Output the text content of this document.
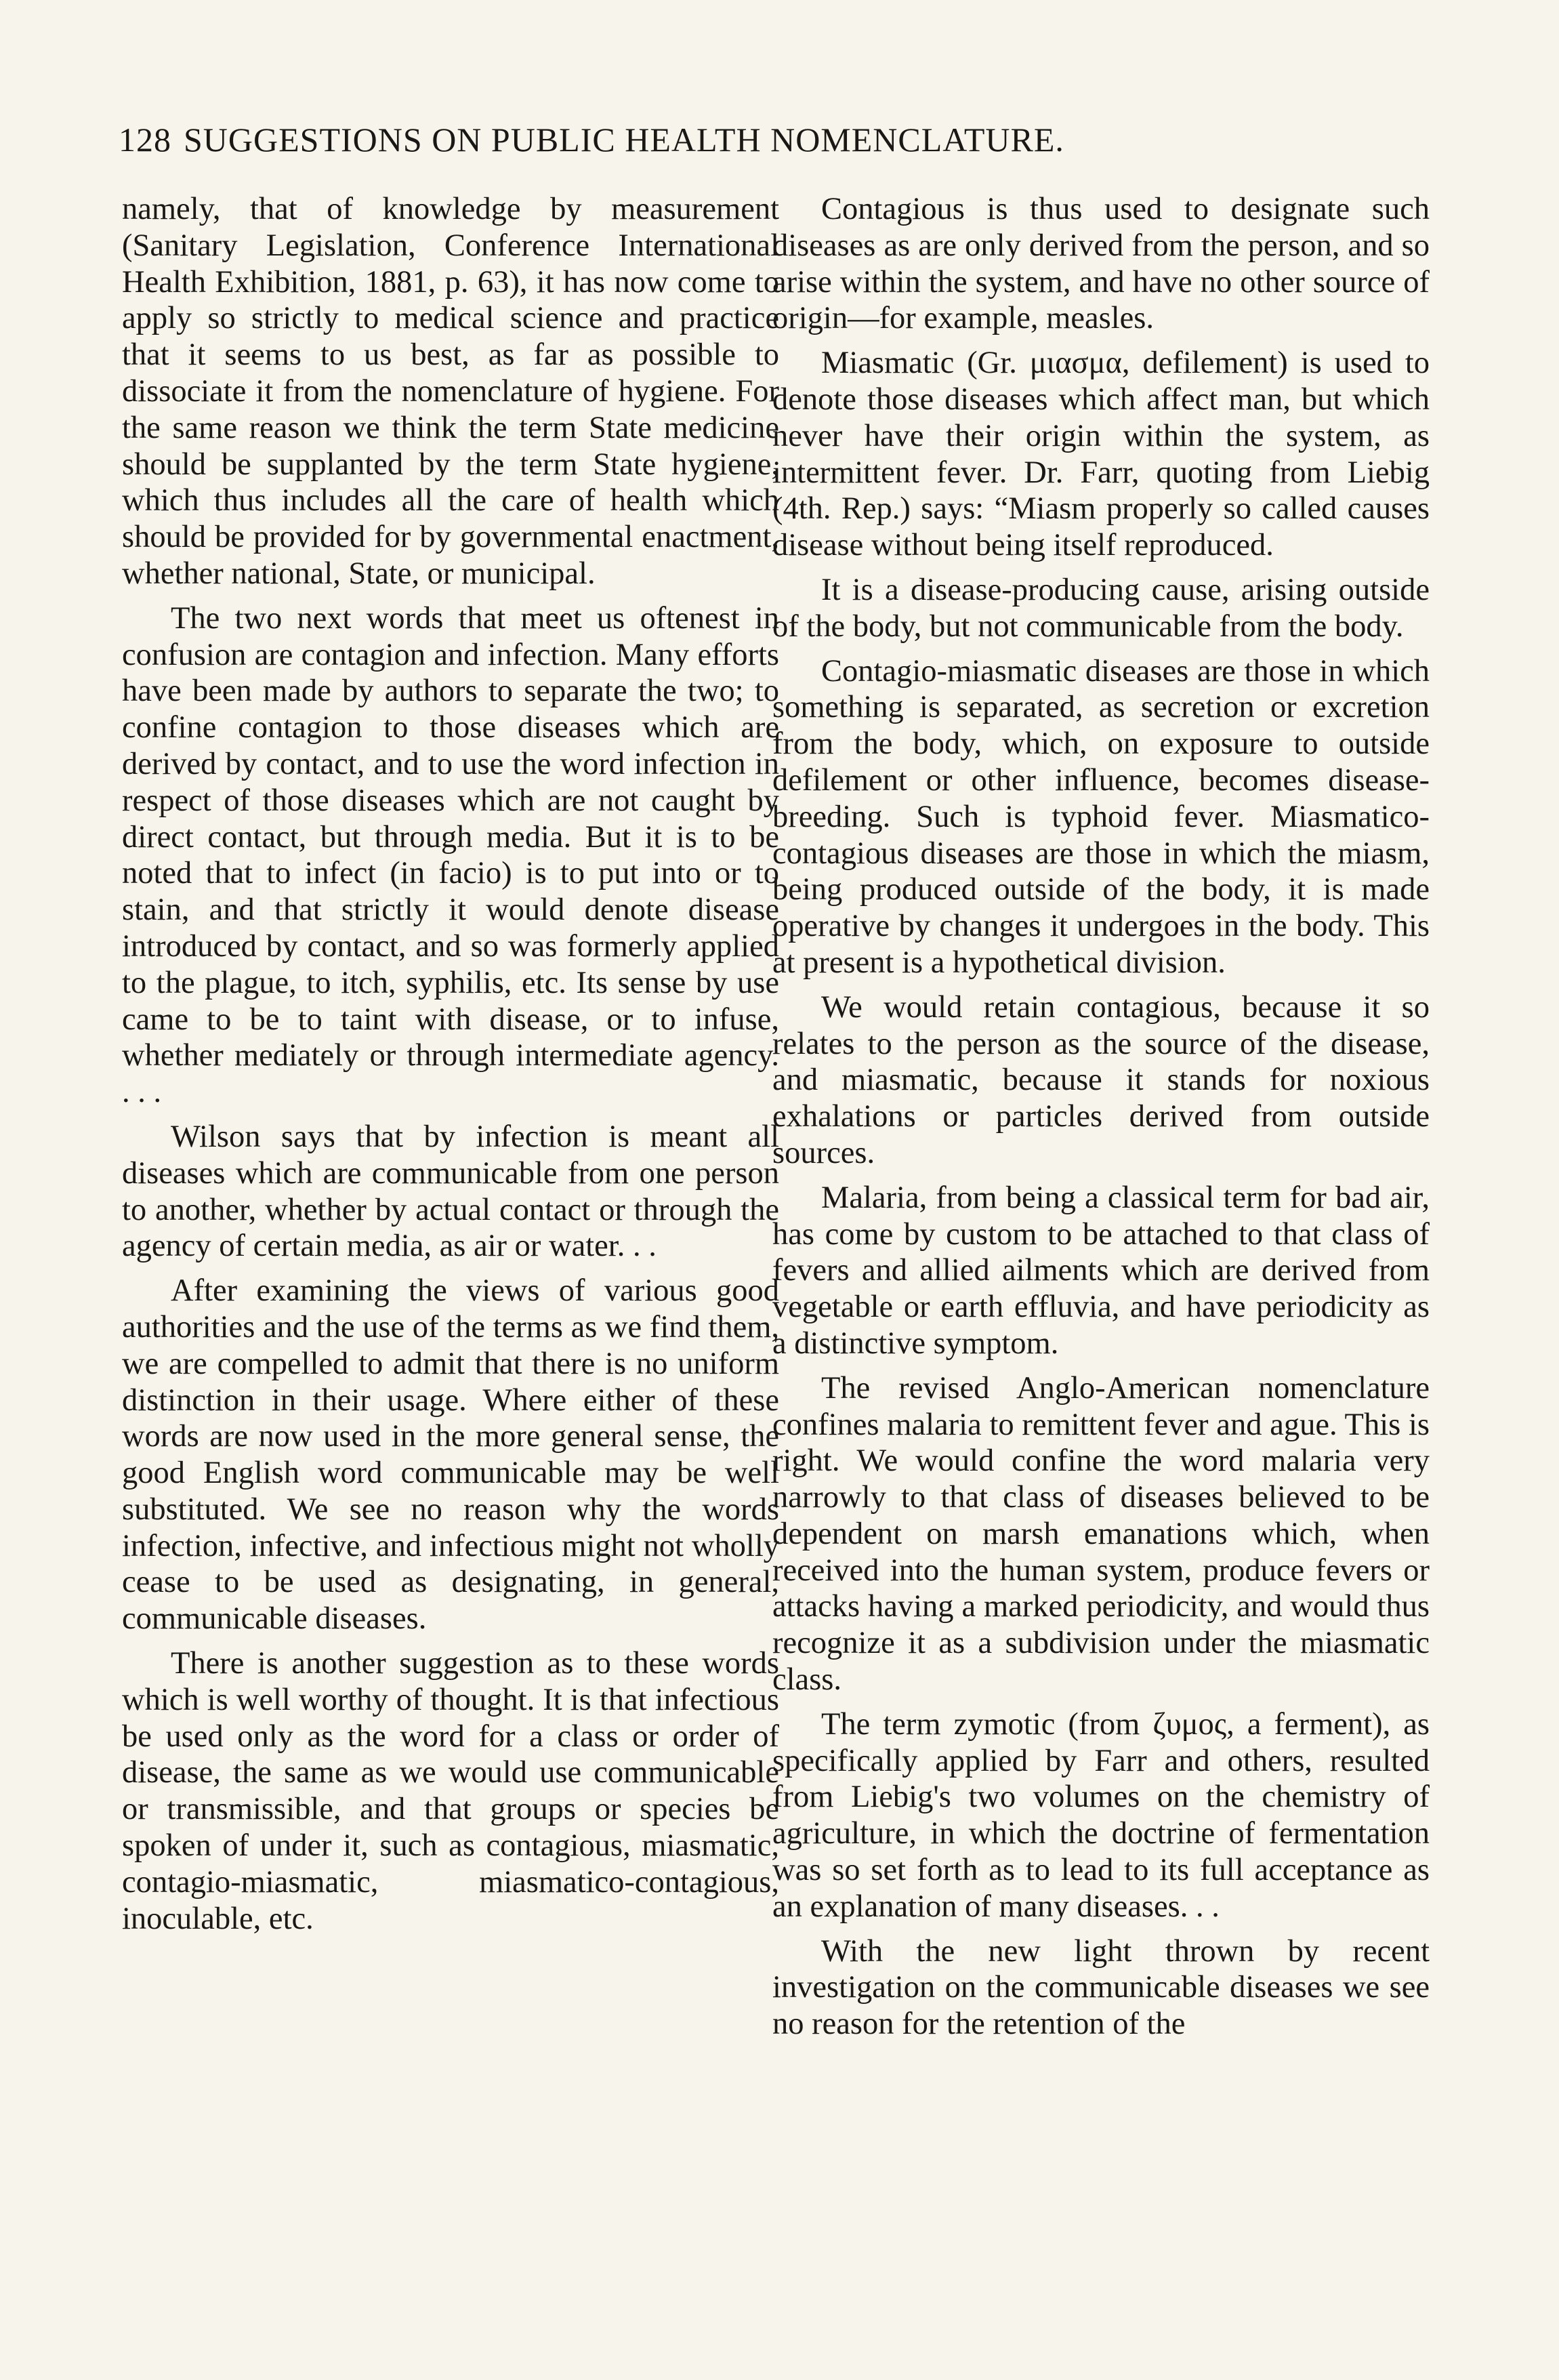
128 SUGGESTIONS ON PUBLIC HEALTH NOMENCLATURE.

namely, that of knowledge by measurement (Sanitary Legislation, Conference International Health Exhibition, 1881, p. 63), it has now come to apply so strictly to medical science and practice that it seems to us best, as far as possible to dissociate it from the nomenclature of hygiene. For the same reason we think the term State medicine should be supplanted by the term State hygiene, which thus includes all the care of health which should be provided for by governmental enactment, whether national, State, or municipal.

The two next words that meet us oftenest in confusion are contagion and infection. Many efforts have been made by authors to separate the two; to confine contagion to those diseases which are derived by contact, and to use the word infection in respect of those diseases which are not caught by direct contact, but through media. But it is to be noted that to infect (in facio) is to put into or to stain, and that strictly it would denote disease introduced by contact, and so was formerly applied to the plague, to itch, syphilis, etc. Its sense by use came to be to taint with disease, or to infuse, whether mediately or through intermediate agency. . . .

Wilson says that by infection is meant all diseases which are communicable from one person to another, whether by actual contact or through the agency of certain media, as air or water. . .

After examining the views of various good authorities and the use of the terms as we find them, we are compelled to admit that there is no uniform distinction in their usage. Where either of these words are now used in the more general sense, the good English word communicable may be well substituted. We see no reason why the words infection, infective, and infectious might not wholly cease to be used as designating, in general, communicable diseases.

There is another suggestion as to these words which is well worthy of thought. It is that infectious be used only as the word for a class or order of disease, the same as we would use communicable or transmissible, and that groups or species be spoken of under it, such as contagious, miasmatic, contagio-miasmatic, miasmatico-contagious, inoculable, etc.

Contagious is thus used to designate such diseases as are only derived from the person, and so arise within the system, and have no other source of origin—for example, measles.

Miasmatic (Gr. μιασμα, defilement) is used to denote those diseases which affect man, but which never have their origin within the system, as intermittent fever. Dr. Farr, quoting from Liebig (4th. Rep.) says: “Miasm properly so called causes disease without being itself reproduced.

It is a disease-producing cause, arising outside of the body, but not communicable from the body.

Contagio-miasmatic diseases are those in which something is separated, as secretion or excretion from the body, which, on exposure to outside defilement or other influence, becomes disease-breeding. Such is typhoid fever. Miasmatico-contagious diseases are those in which the miasm, being produced outside of the body, it is made operative by changes it undergoes in the body. This at present is a hypothetical division.

We would retain contagious, because it so relates to the person as the source of the disease, and miasmatic, because it stands for noxious exhalations or particles derived from outside sources.

Malaria, from being a classical term for bad air, has come by custom to be attached to that class of fevers and allied ailments which are derived from vegetable or earth effluvia, and have periodicity as a distinctive symptom.

The revised Anglo-American nomenclature confines malaria to remittent fever and ague. This is right. We would confine the word malaria very narrowly to that class of diseases believed to be dependent on marsh emanations which, when received into the human system, produce fevers or attacks having a marked periodicity, and would thus recognize it as a subdivision under the miasmatic class.

The term zymotic (from ζυμος, a ferment), as specifically applied by Farr and others, resulted from Liebig's two volumes on the chemistry of agriculture, in which the doctrine of fermentation was so set forth as to lead to its full acceptance as an explanation of many diseases. . .

With the new light thrown by recent investigation on the communicable diseases we see no reason for the retention of the
